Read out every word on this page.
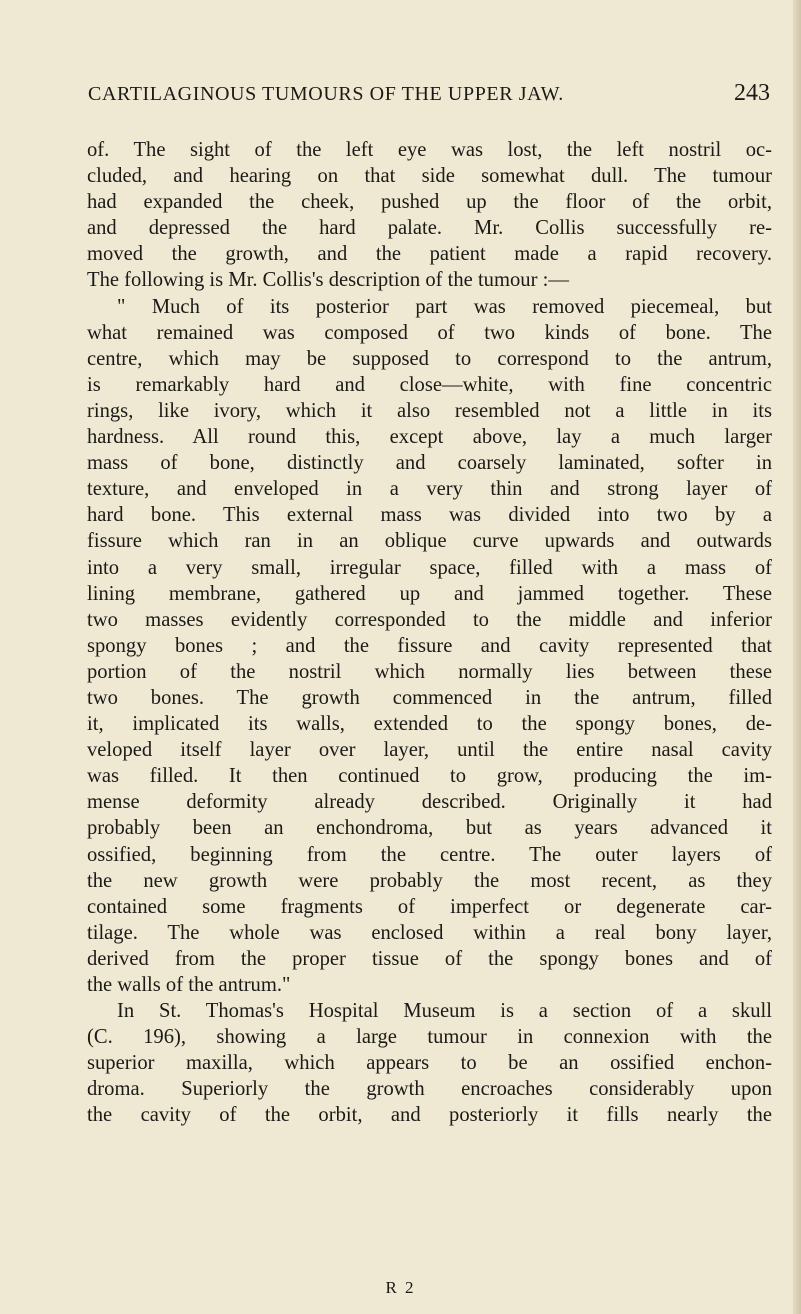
CARTILAGINOUS TUMOURS OF THE UPPER JAW.	243
of. The sight of the left eye was lost, the left nostril oc-
cluded, and hearing on that side somewhat dull. The tumour
had expanded the cheek, pushed up the floor of the orbit,
and depressed the hard palate. Mr. Collis successfully re-
moved the growth, and the patient made a rapid recovery.
The following is Mr. Collis's description of the tumour :—
" Much of its posterior part was removed piecemeal, but
what remained was composed of two kinds of bone. The
centre, which may be supposed to correspond to the antrum,
is remarkably hard and close—white, with fine concentric
rings, like ivory, which it also resembled not a little in its
hardness. All round this, except above, lay a much larger
mass of bone, distinctly and coarsely laminated, softer in
texture, and enveloped in a very thin and strong layer of
hard bone. This external mass was divided into two by a
fissure which ran in an oblique curve upwards and outwards
into a very small, irregular space, filled with a mass of
lining membrane, gathered up and jammed together. These
two masses evidently corresponded to the middle and inferior
spongy bones ; and the fissure and cavity represented that
portion of the nostril which normally lies between these
two bones. The growth commenced in the antrum, filled
it, implicated its walls, extended to the spongy bones, de-
veloped itself layer over layer, until the entire nasal cavity
was filled. It then continued to grow, producing the im-
mense deformity already described. Originally it had
probably been an enchondroma, but as years advanced it
ossified, beginning from the centre. The outer layers of
the new growth were probably the most recent, as they
contained some fragments of imperfect or degenerate car-
tilage. The whole was enclosed within a real bony layer,
derived from the proper tissue of the spongy bones and of
the walls of the antrum."
In St. Thomas's Hospital Museum is a section of a skull
(C. 196), showing a large tumour in connexion with the
superior maxilla, which appears to be an ossified enchon-
droma. Superiorly the growth encroaches considerably upon
the cavity of the orbit, and posteriorly it fills nearly the
R 2
